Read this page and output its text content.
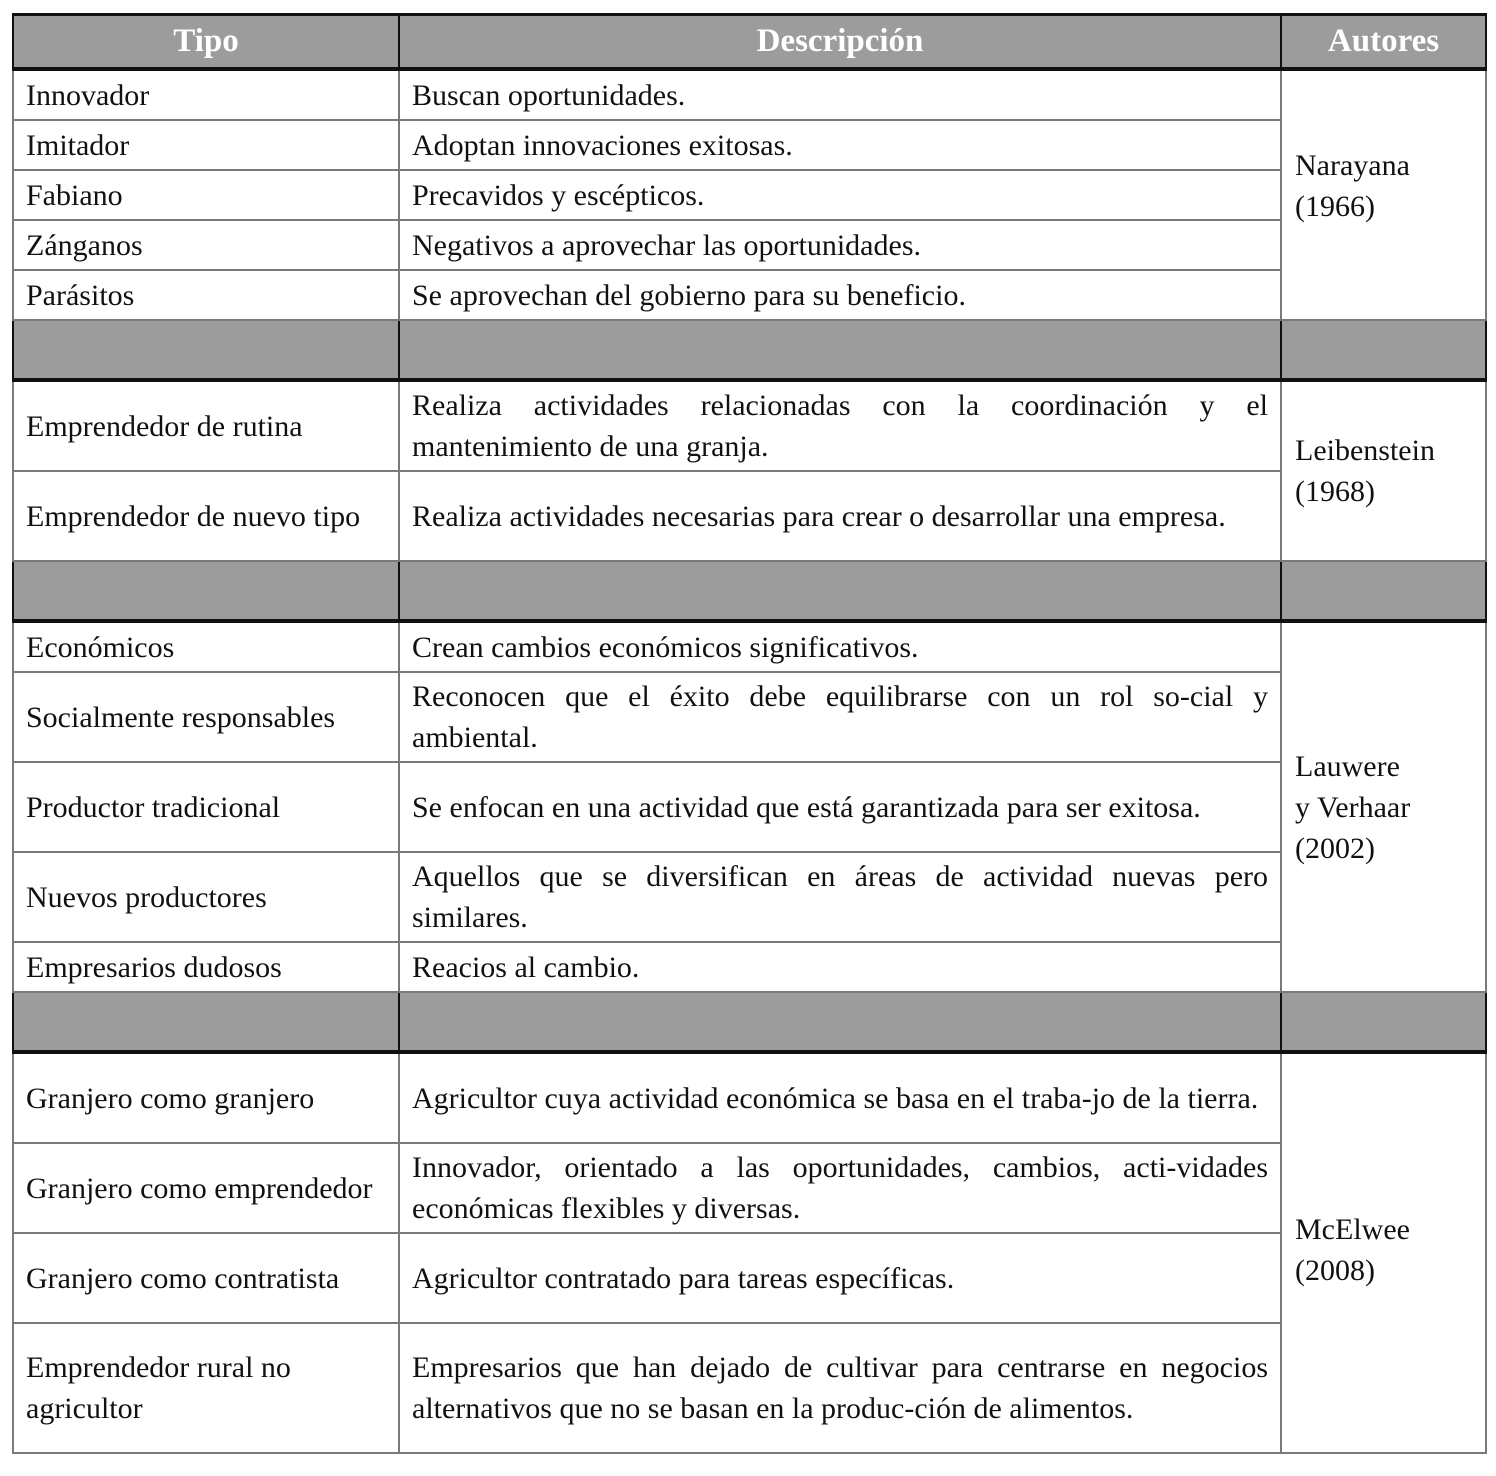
Tipo	Descripción	Autores
Innovador	Buscan oportunidades.	Narayana
(1966)

Imitador	Adoptan innovaciones exitosas.	
Fabiano	Precavidos y escépticos.	
Zánganos	Negativos a aprovechar las oportunidades.	
Parásitos	Se aprovechan del gobierno para su beneficio.	

Emprendedor de rutina	Realiza actividades relacionadas con la coordinación y el mantenimiento de una granja.	Leibenstein
(1968)

Emprendedor de nuevo tipo	Realiza actividades necesarias para crear o desarrollar una empresa.	

Económicos	Crean cambios económicos significativos.	Lauwere
y Verhaar
(2002)

Socialmente responsables	Reconocen que el éxito debe equilibrarse con un rol so-cial y ambiental.	
Productor tradicional	Se enfocan en una actividad que está garantizada para ser exitosa.	
Nuevos productores	Aquellos que se diversifican en áreas de actividad nuevas pero similares.	
Empresarios dudosos	Reacios al cambio.	

Granjero como granjero	Agricultor cuya actividad económica se basa en el traba-jo de la tierra.	McElwee
(2008)

Granjero como emprendedor	Innovador, orientado a las oportunidades, cambios, acti-vidades económicas flexibles y diversas.	
Granjero como contratista	Agricultor contratado para tareas específicas.	
Emprendedor rural no agricultor	Empresarios que han dejado de cultivar para centrarse en negocios alternativos que no se basan en la produc-ción de alimentos.	
